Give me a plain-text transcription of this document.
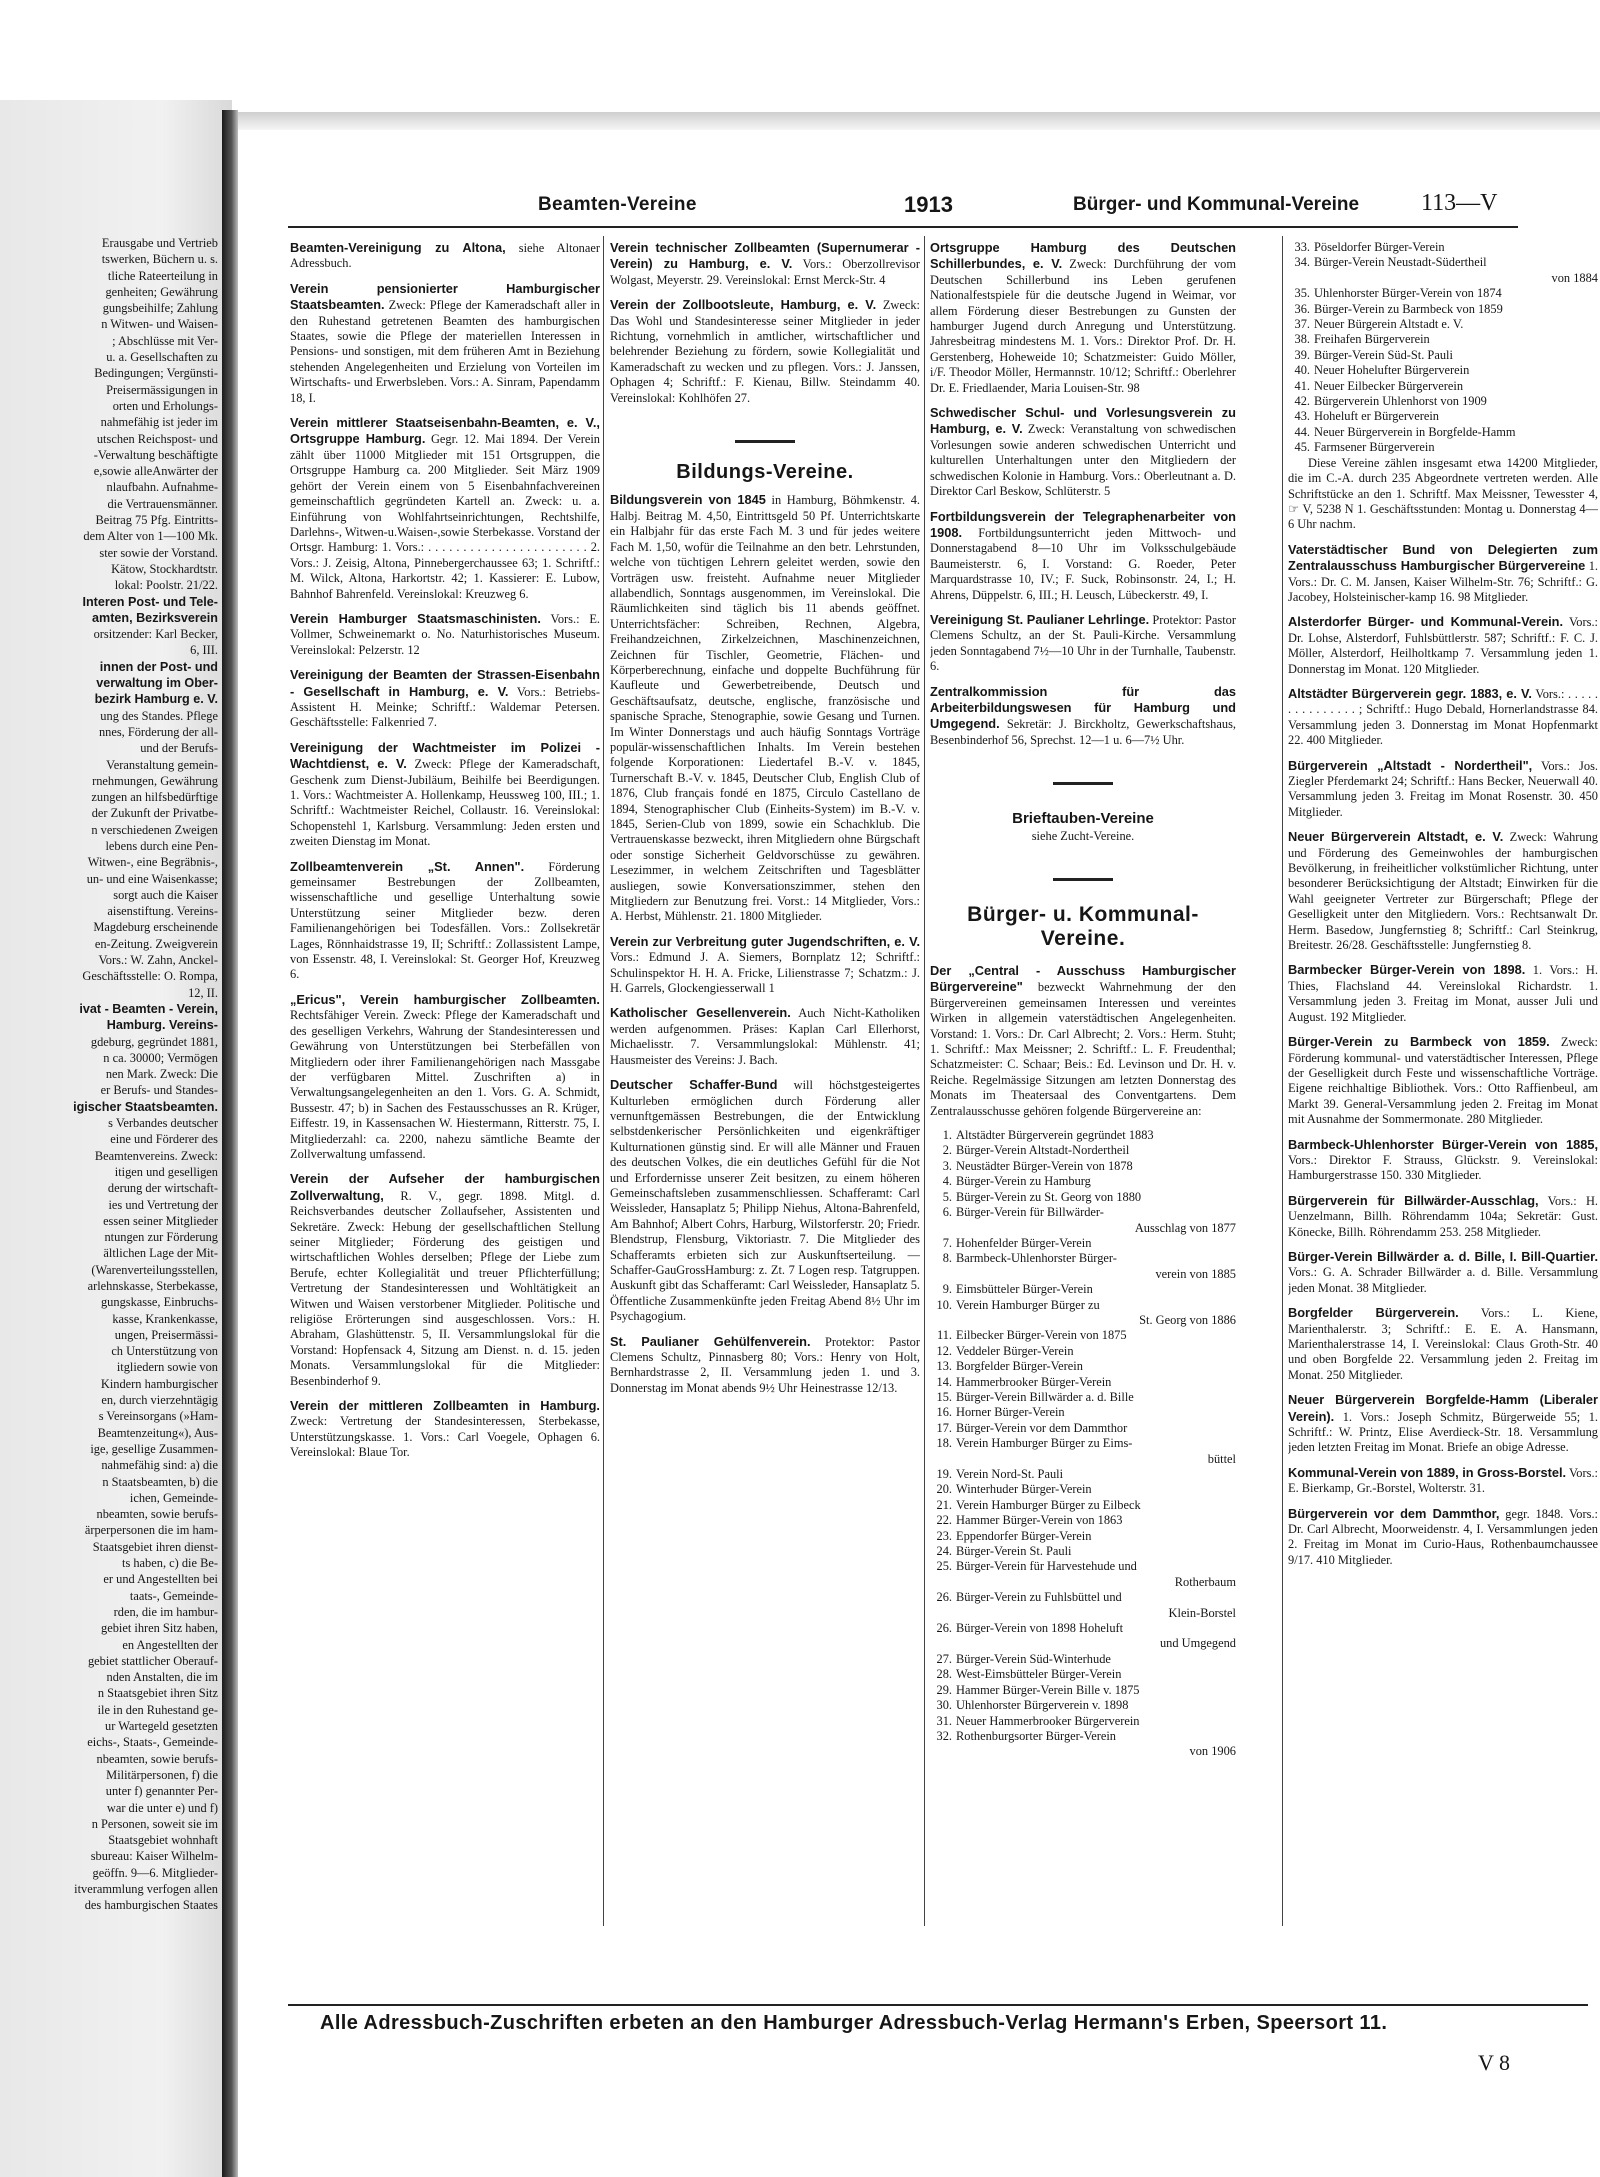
Erausgabe und Vertrieb
tswerken, Büchern u. s.
tliche Rateerteilung in
genheiten; Gewährung
gungsbeihilfe; Zahlung
n Witwen- und Waisen-
; Abschlüsse mit Ver-
u. a. Gesellschaften zu
Bedingungen; Vergünsti-
Preisermässigungen in
orten und Erholungs-
nahmefähig ist jeder im
utschen Reichspost- und
-Verwaltung beschäftigte
e,sowie alleAnwärter der
nlaufbahn. Aufnahme-
die Vertrauensmänner.
Beitrag 75 Pfg. Eintritts-
dem Alter von 1—100 Mk.
ster sowie der Vorstand.
Kätow, Stockhardtstr.
lokal: Poolstr. 21/22.
Interen Post- und Tele-
amten, Bezirksverein
orsitzender: Karl Becker,
6, III.
innen der Post- und
verwaltung im Ober-
bezirk Hamburg e. V.
ung des Standes. Pflege
nnes, Förderung der all-
und der Berufs-
Veranstaltung gemein-
rnehmungen, Gewährung
zungen an hilfsbedürftige
der Zukunft der Privatbe-
n verschiedenen Zweigen
lebens durch eine Pen-
Witwen-, eine Begräbnis-,
un- und eine Waisenkasse;
sorgt auch die Kaiser
aisenstiftung. Vereins-
Magdeburg erscheinende
en-Zeitung. Zweigverein
Vors.: W. Zahn, Anckel-
Geschäftsstelle: O. Rompa,
12, II.
ivat - Beamten - Verein,
Hamburg. Vereins-
gdeburg, gegründet 1881,
n ca. 30000; Vermögen
nen Mark. Zweck: Die
er Berufs- und Standes-
igischer Staatsbeamten.
s Verbandes deutscher
eine und Förderer des
Beamtenvereins. Zweck:
itigen und geselligen
derung der wirtschaft-
ies und Vertretung der
essen seiner Mitglieder
ntungen zur Förderung
ältlichen Lage der Mit-
(Warenverteilungsstellen,
arlehnskasse, Sterbekasse,
gungskasse, Einbruchs-
kasse, Krankenkasse,
ungen, Preisermässi-
ch Unterstützung von
itgliedern sowie von
Kindern hamburgischer
en, durch vierzehntägig
s Vereinsorgans (»Ham-
Beamtenzeitung«), Aus-
ige, gesellige Zusammen-
nahmefähig sind: a) die
n Staatsbeamten, b) die
ichen, Gemeinde-
nbeamten, sowie berufs-
ärperpersonen die im ham-
Staatsgebiet ihren dienst-
ts haben, c) die Be-
er und Angestellten bei
taats-, Gemeinde-
rden, die im hambur-
gebiet ihren Sitz haben,
en Angestellten der
gebiet stattlicher Oberauf-
nden Anstalten, die im
n Staatsgebiet ihren Sitz
ile in den Ruhestand ge-
ur Wartegeld gesetzten
eichs-, Staats-, Gemeinde-
nbeamten, sowie berufs-
Militärpersonen, f) die
unter f) genannter Per-
war die unter e) und f)
n Personen, soweit sie im
Staatsgebiet wohnhaft
sbureau: Kaiser Wilhelm-
geöffn. 9—6. Mitglieder-
itverammlung verfogen allen
des hamburgischen Staates
Beamten-Vereine	1913	Bürger- und Kommunal-Vereine	113—V
Beamten-Vereinigung zu Altona, siehe Altonaer Adressbuch.
Verein pensionierter Hamburgischer Staatsbeamten. Zweck: Pflege der Kameradschaft aller in den Ruhestand getretenen Beamten des hamburgischen Staates, sowie die Pflege der materiellen Interessen in Pensions- und sonstigen, mit dem früheren Amt in Beziehung stehenden Angelegenheiten und Erzielung von Vorteilen im Wirtschafts- und Erwerbsleben. Vors.: A. Sinram, Papendamm 18, I.
Verein mittlerer Staatseisenbahn-Beamten, e. V., Ortsgruppe Hamburg. Gegr. 12. Mai 1894. Der Verein zählt über 11000 Mitglieder mit 151 Ortsgruppen, die Ortsgruppe Hamburg ca. 200 Mitglieder. Seit März 1909 gehört der Verein einem von 5 Eisenbahnfachvereinen gemeinschaftlich gegründeten Kartell an. Zweck: u. a. Einführung von Wohlfahrtseinrichtungen, Rechtshilfe, Darlehns-, Witwen-u.Waisen-,sowie Sterbekasse. Vorstand der Ortsgr. Hamburg: 1. Vors.: . . . . . . . . . . . . . . . . . . . . . . . 2. Vors.: J. Zeisig, Altona, Pinnebergerchaussee 63; 1. Schriftf.: M. Wilck, Altona, Harkortstr. 42; 1. Kassierer: E. Lubow, Bahnhof Bahrenfeld. Vereinslokal: Kreuzweg 6.
Verein Hamburger Staatsmaschinisten. Vors.: E. Vollmer, Schweinemarkt o. No. Naturhistorisches Museum. Vereinslokal: Pelzerstr. 12
Vereinigung der Beamten der Strassen-Eisenbahn - Gesellschaft in Hamburg, e. V. Vors.: Betriebs-Assistent H. Meinke; Schriftf.: Waldemar Petersen. Geschäftsstelle: Falkenried 7.
Vereinigung der Wachtmeister im Polizei - Wachtdienst, e. V. Zweck: Pflege der Kameradschaft, Geschenk zum Dienst-Jubiläum, Beihilfe bei Beerdigungen. 1. Vors.: Wachtmeister A. Hollenkamp, Heussweg 100, III.; 1. Schriftf.: Wachtmeister Reichel, Collaustr. 16. Vereinslokal: Schopenstehl 1, Karlsburg. Versammlung: Jeden ersten und zweiten Dienstag im Monat.
Zollbeamtenverein „St. Annen". Förderung gemeinsamer Bestrebungen der Zollbeamten, wissenschaftliche und gesellige Unterhaltung sowie Unterstützung seiner Mitglieder bezw. deren Familienangehörigen bei Todesfällen. Vors.: Zollsekretär Lages, Rönnhaidstrasse 19, II; Schriftf.: Zollassistent Lampe, von Essenstr. 48, I. Vereinslokal: St. Georger Hof, Kreuzweg 6.
„Ericus", Verein hamburgischer Zollbeamten. Rechtsfähiger Verein. Zweck: Pflege der Kameradschaft und des geselligen Verkehrs, Wahrung der Standesinteressen und Gewährung von Unterstützungen bei Sterbefällen von Mitgliedern oder ihrer Familienangehörigen nach Massgabe der verfügbaren Mittel. Zuschriften a) in Verwaltungsangelegenheiten an den 1. Vors. G. A. Schmidt, Bussestr. 47; b) in Sachen des Festausschusses an R. Krüger, Eiffestr. 19, in Kassensachen W. Hiestermann, Ritterstr. 75, I. Mitgliederzahl: ca. 2200, nahezu sämtliche Beamte der Zollverwaltung umfassend.
Verein der Aufseher der hamburgischen Zollverwaltung, R. V., gegr. 1898. Mitgl. d. Reichsverbandes deutscher Zollaufseher, Assistenten und Sekretäre. Zweck: Hebung der gesellschaftlichen Stellung seiner Mitglieder; Förderung des geistigen und wirtschaftlichen Wohles derselben; Pflege der Liebe zum Berufe, echter Kollegialität und treuer Pflichterfüllung; Vertretung der Standesinteressen und Wohltätigkeit an Witwen und Waisen verstorbener Mitglieder. Politische und religiöse Erörterungen sind ausgeschlossen. Vors.: H. Abraham, Glashüttenstr. 5, II. Versammlungslokal für die Vorstand: Hopfensack 4, Sitzung am Dienst. n. d. 15. jeden Monats. Versammlungslokal für die Mitglieder: Besenbinderhof 9.
Verein der mittleren Zollbeamten in Hamburg. Zweck: Vertretung der Standesinteressen, Sterbekasse, Unterstützungskasse. 1. Vors.: Carl Voegele, Ophagen 6. Vereinslokal: Blaue Tor.
Verein technischer Zollbeamten (Supernumerar - Verein) zu Hamburg, e. V. Vors.: Oberzollrevisor Wolgast, Meyerstr. 29. Vereinslokal: Ernst Merck-Str. 4
Verein der Zollbootsleute, Hamburg, e. V. Zweck: Das Wohl und Standesinteresse seiner Mitglieder in jeder Richtung, vornehmlich in amtlicher, wirtschaftlicher und belehrender Beziehung zu fördern, sowie Kollegialität und Kameradschaft zu wecken und zu pflegen. Vors.: J. Janssen, Ophagen 4; Schriftf.: F. Kienau, Billw. Steindamm 40. Vereinslokal: Kohlhöfen 27.
Bildungs-Vereine.
Bildungsverein von 1845 in Hamburg, Böhmkenstr. 4. Halbj. Beitrag M. 4,50, Eintrittsgeld 50 Pf. Unterrichtskarte ein Halbjahr für das erste Fach M. 3 und für jedes weitere Fach M. 1,50, wofür die Teilnahme an den betr. Lehrstunden, welche von tüchtigen Lehrern geleitet werden, sowie den Vorträgen usw. freisteht. Aufnahme neuer Mitglieder allabendlich, Sonntags ausgenommen, im Vereinslokal. Die Räumlichkeiten sind täglich bis 11 abends geöffnet. Unterrichtsfächer: Schreiben, Rechnen, Algebra, Freihandzeichnen, Zirkelzeichnen, Maschinenzeichnen, Zeichnen für Tischler, Geometrie, Flächen- und Körperberechnung, einfache und doppelte Buchführung für Kaufleute und Gewerbetreibende, Deutsch und Geschäftsaufsatz, deutsche, englische, französische und spanische Sprache, Stenographie, sowie Gesang und Turnen. Im Winter Donnerstags und auch häufig Sonntags Vorträge populär-wissenschaftlichen Inhalts. Im Verein bestehen folgende Korporationen: Liedertafel B.-V. v. 1845, Turnerschaft B.-V. v. 1845, Deutscher Club, English Club of 1876, Club français fondé en 1875, Circulo Castellano de 1894, Stenographischer Club (Einheits-System) im B.-V. v. 1845, Serien-Club von 1899, sowie ein Schachklub. Die Vertrauenskasse bezweckt, ihren Mitgliedern ohne Bürgschaft oder sonstige Sicherheit Geldvorschüsse zu gewähren. Lesezimmer, in welchem Zeitschriften und Tagesblätter ausliegen, sowie Konversationszimmer, stehen den Mitgliedern zur Benutzung frei. Vorst.: 14 Mitglieder, Vors.: A. Herbst, Mühlenstr. 21. 1800 Mitglieder.
Verein zur Verbreitung guter Jugendschriften, e. V. Vors.: Edmund J. A. Siemers, Bornplatz 12; Schriftf.: Schulinspektor H. H. A. Fricke, Lilienstrasse 7; Schatzm.: J. H. Garrels, Glockengiesserwall 1
Katholischer Gesellenverein. Auch Nicht-Katholiken werden aufgenommen. Präses: Kaplan Carl Ellerhorst, Michaelisstr. 7. Versammlungslokal: Mühlenstr. 41; Hausmeister des Vereins: J. Bach.
Deutscher Schaffer-Bund will höchstgesteigertes Kulturleben ermöglichen durch Förderung aller vernunftgemässen Bestrebungen, die der Entwicklung selbstdenkerischer Persönlichkeiten und eigenkräftiger Kulturnationen günstig sind. Er will alle Männer und Frauen des deutschen Volkes, die ein deutliches Gefühl für die Not und Erfordernisse unserer Zeit besitzen, zu einem höheren Gemeinschaftsleben zusammenschliessen. Schafferamt: Carl Weissleder, Hansaplatz 5; Philipp Niehus, Altona-Bahrenfeld, Am Bahnhof; Albert Cohrs, Harburg, Wilstorferstr. 20; Friedr. Blendstrup, Flensburg, Viktoriastr. 7. Die Mitglieder des Schafferamts erbieten sich zur Auskunftserteilung. — Schaffer-GauGrossHamburg: z. Zt. 7 Logen resp. Tatgruppen. Auskunft gibt das Schafferamt: Carl Weissleder, Hansaplatz 5. Öffentliche Zusammenkünfte jeden Freitag Abend 8½ Uhr im Psychagogium.
St. Paulianer Gehülfenverein. Protektor: Pastor Clemens Schultz, Pinnasberg 80; Vors.: Henry von Holt, Bernhardstrasse 2, II. Versammlung jeden 1. und 3. Donnerstag im Monat abends 9½ Uhr Heinestrasse 12/13.
Ortsgruppe Hamburg des Deutschen Schillerbundes, e. V. Zweck: Durchführung der vom Deutschen Schillerbund ins Leben gerufenen Nationalfestspiele für die deutsche Jugend in Weimar, vor allem Förderung dieser Bestrebungen zu Gunsten der hamburger Jugend durch Anregung und Unterstützung. Jahresbeitrag mindestens M. 1. Vors.: Direktor Prof. Dr. H. Gerstenberg, Hoheweide 10; Schatzmeister: Guido Möller, i/F. Theodor Möller, Hermannstr. 10/12; Schriftf.: Oberlehrer Dr. E. Friedlaender, Maria Louisen-Str. 98
Schwedischer Schul- und Vorlesungsverein zu Hamburg, e. V. Zweck: Veranstaltung von schwedischen Vorlesungen sowie anderen schwedischen Unterricht und kulturellen Unterhaltungen unter den Mitgliedern der schwedischen Kolonie in Hamburg. Vors.: Oberleutnant a. D. Direktor Carl Beskow, Schlüterstr. 5
Fortbildungsverein der Telegraphenarbeiter von 1908. Fortbildungsunterricht jeden Mittwoch- und Donnerstagabend 8—10 Uhr im Volksschulgebäude Baumeisterstr. 6, I. Vorstand: G. Roeder, Peter Marquardstrasse 10, IV.; F. Suck, Robinsonstr. 24, I.; H. Ahrens, Düppelstr. 6, III.; H. Leusch, Lübeckerstr. 49, I.
Vereinigung St. Paulianer Lehrlinge. Protektor: Pastor Clemens Schultz, an der St. Pauli-Kirche. Versammlung jeden Sonntagabend 7½—10 Uhr in der Turnhalle, Taubenstr. 6.
Zentralkommission für das Arbeiterbildungswesen für Hamburg und Umgegend. Sekretär: J. Birckholtz, Gewerkschaftshaus, Besenbinderhof 56, Sprechst. 12—1 u. 6—7½ Uhr.
Brieftauben-Vereine
siehe Zucht-Vereine.
Bürger- u. Kommunal-
Vereine.
Der „Central - Ausschuss Hamburgischer Bürgervereine" bezweckt Wahrnehmung der den Bürgervereinen gemeinsamen Interessen und vereintes Wirken in allgemein vaterstädtischen Angelegenheiten. Vorstand: 1. Vors.: Dr. Carl Albrecht; 2. Vors.: Herm. Stuht; 1. Schriftf.: Max Meissner; 2. Schriftf.: L. F. Freudenthal; Schatzmeister: C. Schaar; Beis.: Ed. Levinson und Dr. H. v. Reiche. Regelmässige Sitzungen am letzten Donnerstag des Monats im Theatersaal des Conventgartens. Dem Zentralausschusse gehören folgende Bürgervereine an:
1. Altstädter Bürgerverein gegründet 1883
2. Bürger-Verein Altstadt-Nordertheil
3. Neustädter Bürger-Verein von 1878
4. Bürger-Verein zu Hamburg
5. Bürger-Verein zu St. Georg von 1880
6. Bürger-Verein für Billwärder-
Ausschlag von 1877
7. Hohenfelder Bürger-Verein
8. Barmbeck-Uhlenhorster Bürger-
verein von 1885
9. Eimsbütteler Bürger-Verein
10. Verein Hamburger Bürger zu
St. Georg von 1886
11. Eilbecker Bürger-Verein von 1875
12. Veddeler Bürger-Verein
13. Borgfelder Bürger-Verein
14. Hammerbrooker Bürger-Verein
15. Bürger-Verein Billwärder a. d. Bille
16. Horner Bürger-Verein
17. Bürger-Verein vor dem Dammthor
18. Verein Hamburger Bürger zu Eims-
büttel
19. Verein Nord-St. Pauli
20. Winterhuder Bürger-Verein
21. Verein Hamburger Bürger zu Eilbeck
22. Hammer Bürger-Verein von 1863
23. Eppendorfer Bürger-Verein
24. Bürger-Verein St. Pauli
25. Bürger-Verein für Harvestehude und
Rotherbaum
26. Bürger-Verein zu Fuhlsbüttel und
Klein-Borstel
26. Bürger-Verein von 1898 Hoheluft
und Umgegend
27. Bürger-Verein Süd-Winterhude
28. West-Eimsbütteler Bürger-Verein
29. Hammer Bürger-Verein Bille v. 1875
30. Uhlenhorster Bürgerverein v. 1898
31. Neuer Hammerbrooker Bürgerverein
32. Rothenburgsorter Bürger-Verein
von 1906
33. Pöseldorfer Bürger-Verein
34. Bürger-Verein Neustadt-Südertheil
von 1884
35. Uhlenhorster Bürger-Verein von 1874
36. Bürger-Verein zu Barmbeck von 1859
37. Neuer Bürgerein Altstadt e. V.
38. Freihafen Bürgerverein
39. Bürger-Verein Süd-St. Pauli
40. Neuer Hohelufter Bürgerverein
41. Neuer Eilbecker Bürgerverein
42. Bürgerverein Uhlenhorst von 1909
43. Hoheluft er Bürgerverein
44. Neuer Bürgerverein in Borgfelde-Hamm
45. Farmsener Bürgerverein
Diese Vereine zählen insgesamt etwa 14200 Mitglieder, die im C.-A. durch 235 Abgeordnete vertreten werden. Alle Schriftstücke an den 1. Schriftf. Max Meissner, Tewesstег 4, ☞ V, 5238 N 1. Geschäftsstunden: Montag u. Donnerstag 4—6 Uhr nachm.
Vaterstädtischer Bund von Delegierten zum Zentralausschuss Hamburgischer Bürgervereine 1. Vors.: Dr. C. M. Jansen, Kaiser Wilhelm-Str. 76; Schriftf.: G. Jacobey, Holsteinischer-kamp 16. 98 Mitglieder.
Alsterdorfer Bürger- und Kommunal-Verein. Vors.: Dr. Lohse, Alsterdorf, Fuhlsbüttlerstr. 587; Schriftf.: F. C. J. Möller, Alsterdorf, Heilholtkamp 7. Versammlung jeden 1. Donnerstag im Monat. 120 Mitglieder.
Altstädter Bürgerverein gegr. 1883, e. V. Vors.: . . . . . . . . . . . . . . . ; Schriftf.: Hugo Debald, Hornerlandstrasse 84. Versammlung jeden 3. Donnerstag im Monat Hopfenmarkt 22. 400 Mitglieder.
Bürgerverein „Altstadt - Nordertheil", Vors.: Jos. Ziegler Pferdemarkt 24; Schriftf.: Hans Becker, Neuerwall 40. Versammlung jeden 3. Freitag im Monat Rosenstr. 30. 450 Mitglieder.
Neuer Bürgerverein Altstadt, e. V. Zweck: Wahrung und Förderung des Gemeinwohles der hamburgischen Bevölkerung, in freiheitlicher volkstümlicher Richtung, unter besonderer Berücksichtigung der Altstadt; Einwirken für die Wahl geeigneter Vertreter zur Bürgerschaft; Pflege der Geselligkeit unter den Mitgliedern. Vors.: Rechtsanwalt Dr. Herm. Basedow, Jungfernstieg 8; Schriftf.: Carl Steinkrug, Breitestr. 26/28. Geschäftsstelle: Jungfernstieg 8.
Barmbecker Bürger-Verein von 1898. 1. Vors.: H. Thies, Flachsland 44. Vereinslokal Richardstr. 1. Versammlung jeden 3. Freitag im Monat, ausser Juli und August. 192 Mitglieder.
Bürger-Verein zu Barmbeck von 1859. Zweck: Förderung kommunal- und vaterstädtischer Interessen, Pflege der Geselligkeit durch Feste und wissenschaftliche Vorträge. Eigene reichhaltige Bibliothek. Vors.: Otto Raffienbeul, am Markt 39. General-Versammlung jeden 2. Freitag im Monat mit Ausnahme der Sommermonate. 280 Mitglieder.
Barmbeck-Uhlenhorster Bürger-Verein von 1885, Vors.: Direktor F. Strauss, Glückstr. 9. Vereinslokal: Hamburgerstrasse 150. 330 Mitglieder.
Bürgerverein für Billwärder-Ausschlag, Vors.: H. Uenzelmann, Billh. Röhrendamm 104a; Sekretär: Gust. Könecke, Billh. Röhrendamm 253. 258 Mitglieder.
Bürger-Verein Billwärder a. d. Bille, I. Bill-Quartier. Vors.: G. A. Schrader Billwärder a. d. Bille. Versammlung jeden Monat. 38 Mitglieder.
Borgfelder Bürgerverein. Vors.: L. Kiene, Marienthalerstr. 3; Schriftf.: E. E. A. Hansmann, Marienthalerstrasse 14, I. Vereinslokal: Claus Groth-Str. 40 und oben Borgfelde 22. Versammlung jeden 2. Freitag im Monat. 250 Mitglieder.
Neuer Bürgerverein Borgfelde-Hamm (Liberaler Verein). 1. Vors.: Joseph Schmitz, Bürgerweide 55; 1. Schriftf.: W. Printz, Elise Averdieck-Str. 18. Versammlung jeden letzten Freitag im Monat. Briefe an obige Adresse.
Kommunal-Verein von 1889, in Gross-Borstel. Vors.: E. Bierkamp, Gr.-Borstel, Wolterstr. 31.
Bürgerverein vor dem Dammthor, gegr. 1848. Vors.: Dr. Carl Albrecht, Moorweidenstr. 4, I. Versammlungen jeden 2. Freitag im Monat im Curio-Haus, Rothenbaumchaussee 9/17. 410 Mitglieder.
Alle Adressbuch-Zuschriften erbeten an den Hamburger Adressbuch-Verlag Hermann's Erben, Speersort 11.
V 8
